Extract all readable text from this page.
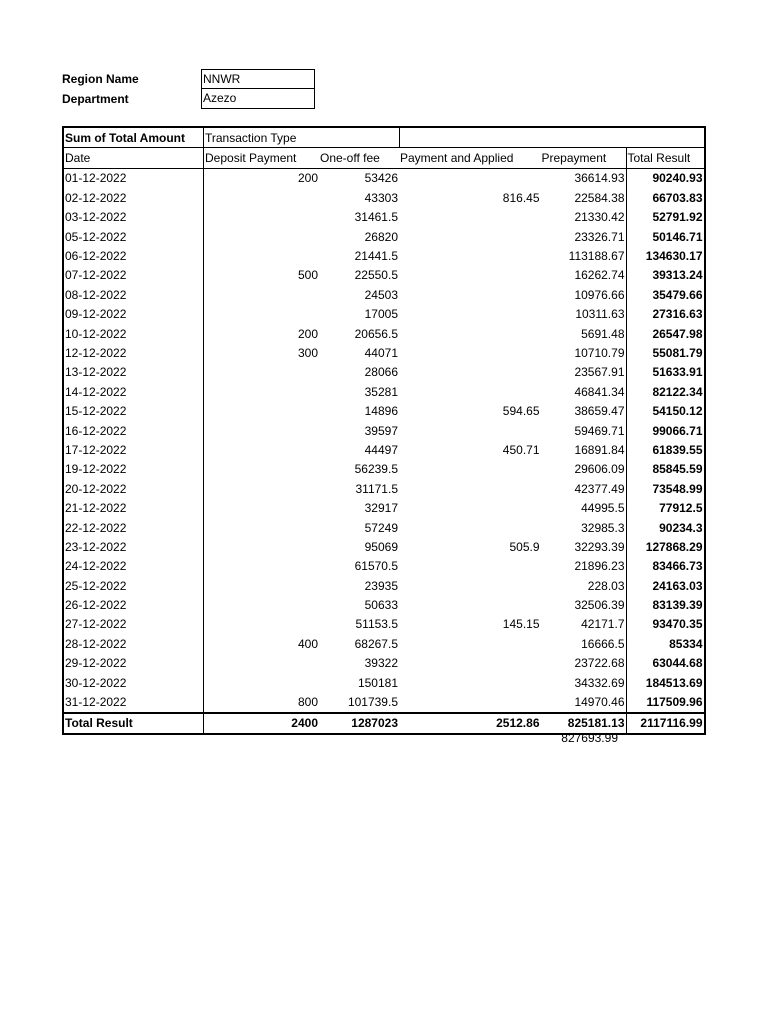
Region Name	NNWR
Department	Azezo
Sum of Total Amount	Transaction Type				
Date	Deposit Payment	One-off fee	Payment and Applied	Prepayment	Total Result
01-12-2022	200	53426		36614.93	90240.93
02-12-2022		43303	816.45	22584.38	66703.83
03-12-2022		31461.5		21330.42	52791.92
05-12-2022		26820		23326.71	50146.71
06-12-2022		21441.5		113188.67	134630.17
07-12-2022	500	22550.5		16262.74	39313.24
08-12-2022		24503		10976.66	35479.66
09-12-2022		17005		10311.63	27316.63
10-12-2022	200	20656.5		5691.48	26547.98
12-12-2022	300	44071		10710.79	55081.79
13-12-2022		28066		23567.91	51633.91
14-12-2022		35281		46841.34	82122.34
15-12-2022		14896	594.65	38659.47	54150.12
16-12-2022		39597		59469.71	99066.71
17-12-2022		44497	450.71	16891.84	61839.55
19-12-2022		56239.5		29606.09	85845.59
20-12-2022		31171.5		42377.49	73548.99
21-12-2022		32917		44995.5	77912.5
22-12-2022		57249		32985.3	90234.3
23-12-2022		95069	505.9	32293.39	127868.29
24-12-2022		61570.5		21896.23	83466.73
25-12-2022		23935		228.03	24163.03
26-12-2022		50633		32506.39	83139.39
27-12-2022		51153.5	145.15	42171.7	93470.35
28-12-2022	400	68267.5		16666.5	85334
29-12-2022		39322		23722.68	63044.68
30-12-2022		150181		34332.69	184513.69
31-12-2022	800	101739.5		14970.46	117509.96
Total Result	2400	1287023	2512.86	825181.13	2117116.99
827693.99
